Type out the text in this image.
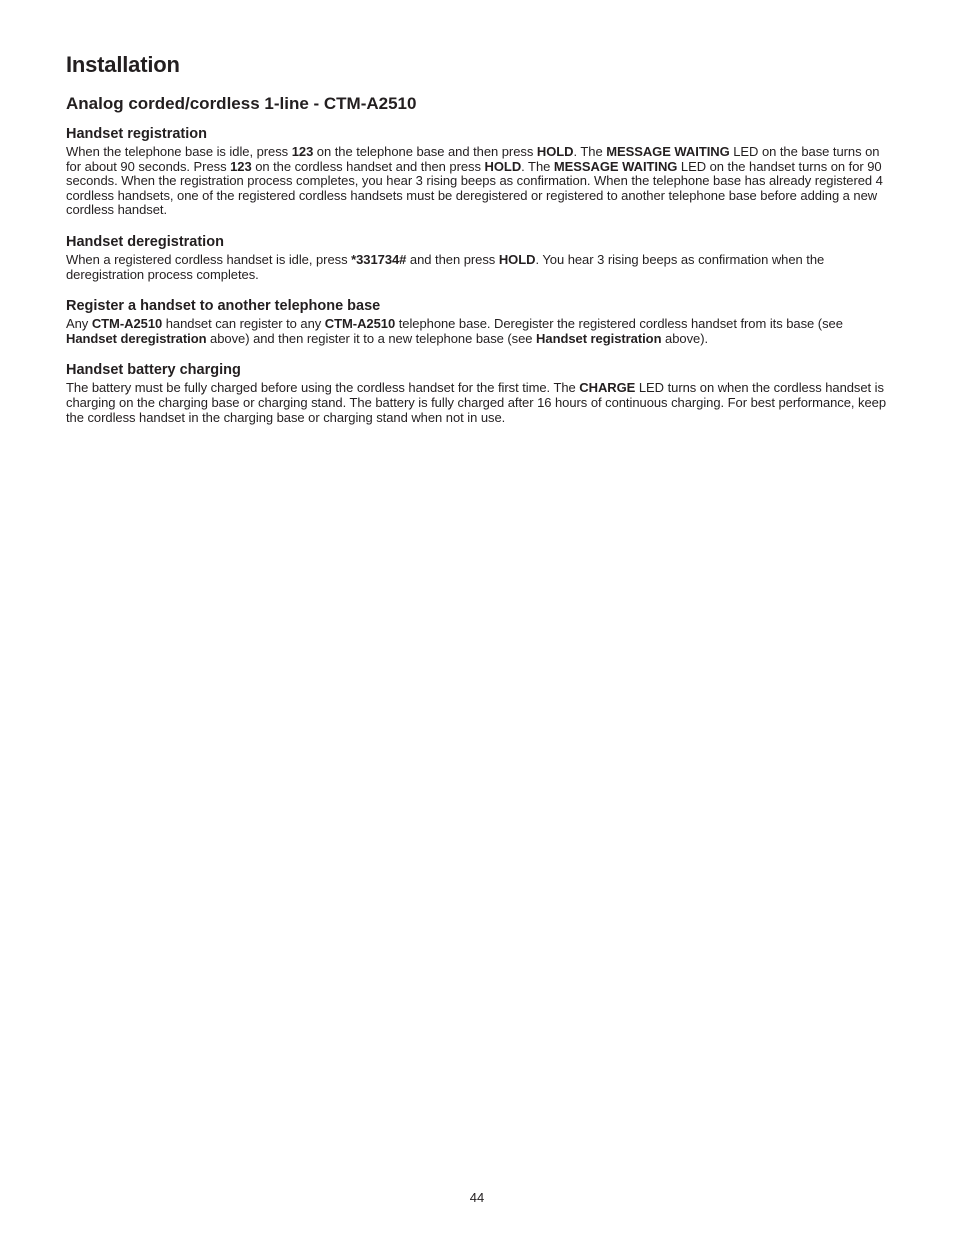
Installation
Analog corded/cordless 1-line - CTM-A2510
Handset registration

When the telephone base is idle, press 123 on the telephone base and then press HOLD. The MESSAGE WAITING LED on the base turns on for about 90 seconds. Press 123 on the cordless handset and then press HOLD. The MESSAGE WAITING LED on the handset turns on for 90 seconds. When the registration process completes, you hear 3 rising beeps as confirmation. When the telephone base has already registered 4 cordless handsets, one of the registered cordless handsets must be deregistered or registered to another telephone base before adding a new cordless handset.

Handset deregistration

When a registered cordless handset is idle, press *331734# and then press HOLD. You hear 3 rising beeps as confirmation when the deregistration process completes.

Register a handset to another telephone base

Any CTM-A2510 handset can register to any CTM-A2510 telephone base. Deregister the registered cordless handset from its base (see Handset deregistration above) and then register it to a new telephone base (see Handset registration above).

Handset battery charging

The battery must be fully charged before using the cordless handset for the first time. The CHARGE LED turns on when the cordless handset is charging on the charging base or charging stand. The battery is fully charged after 16 hours of continuous charging. For best performance, keep the cordless handset in the charging base or charging stand when not in use.

44
